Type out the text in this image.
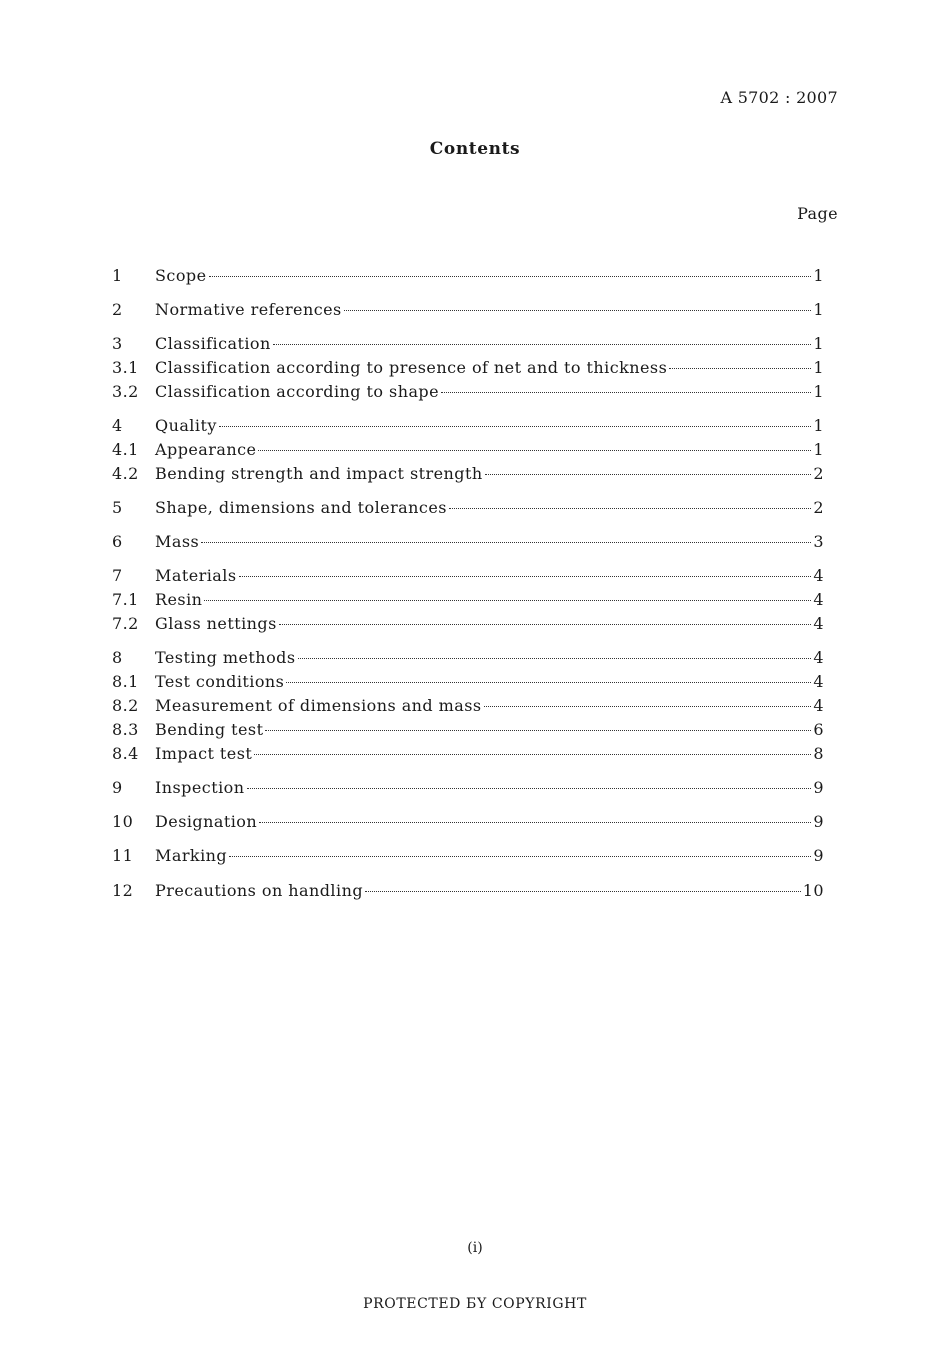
A 5702 : 2007
Contents
Page
1	Scope	1
2	Normative references	1
3	Classification	1
3.1	Classification according to presence of net and to thickness	1
3.2	Classification according to shape	1
4	Quality	1
4.1	Appearance	1
4.2	Bending strength and impact strength	2
5	Shape, dimensions and tolerances	2
6	Mass	3
7	Materials	4
7.1	Resin	4
7.2	Glass nettings	4
8	Testing methods	4
8.1	Test conditions	4
8.2	Measurement of dimensions and mass	4
8.3	Bending test	6
8.4	Impact test	8
9	Inspection	9
10	Designation	9
11	Marking	9
12	Precautions on handling	10
(i)
PROTECTED БY COPYRIGHT
